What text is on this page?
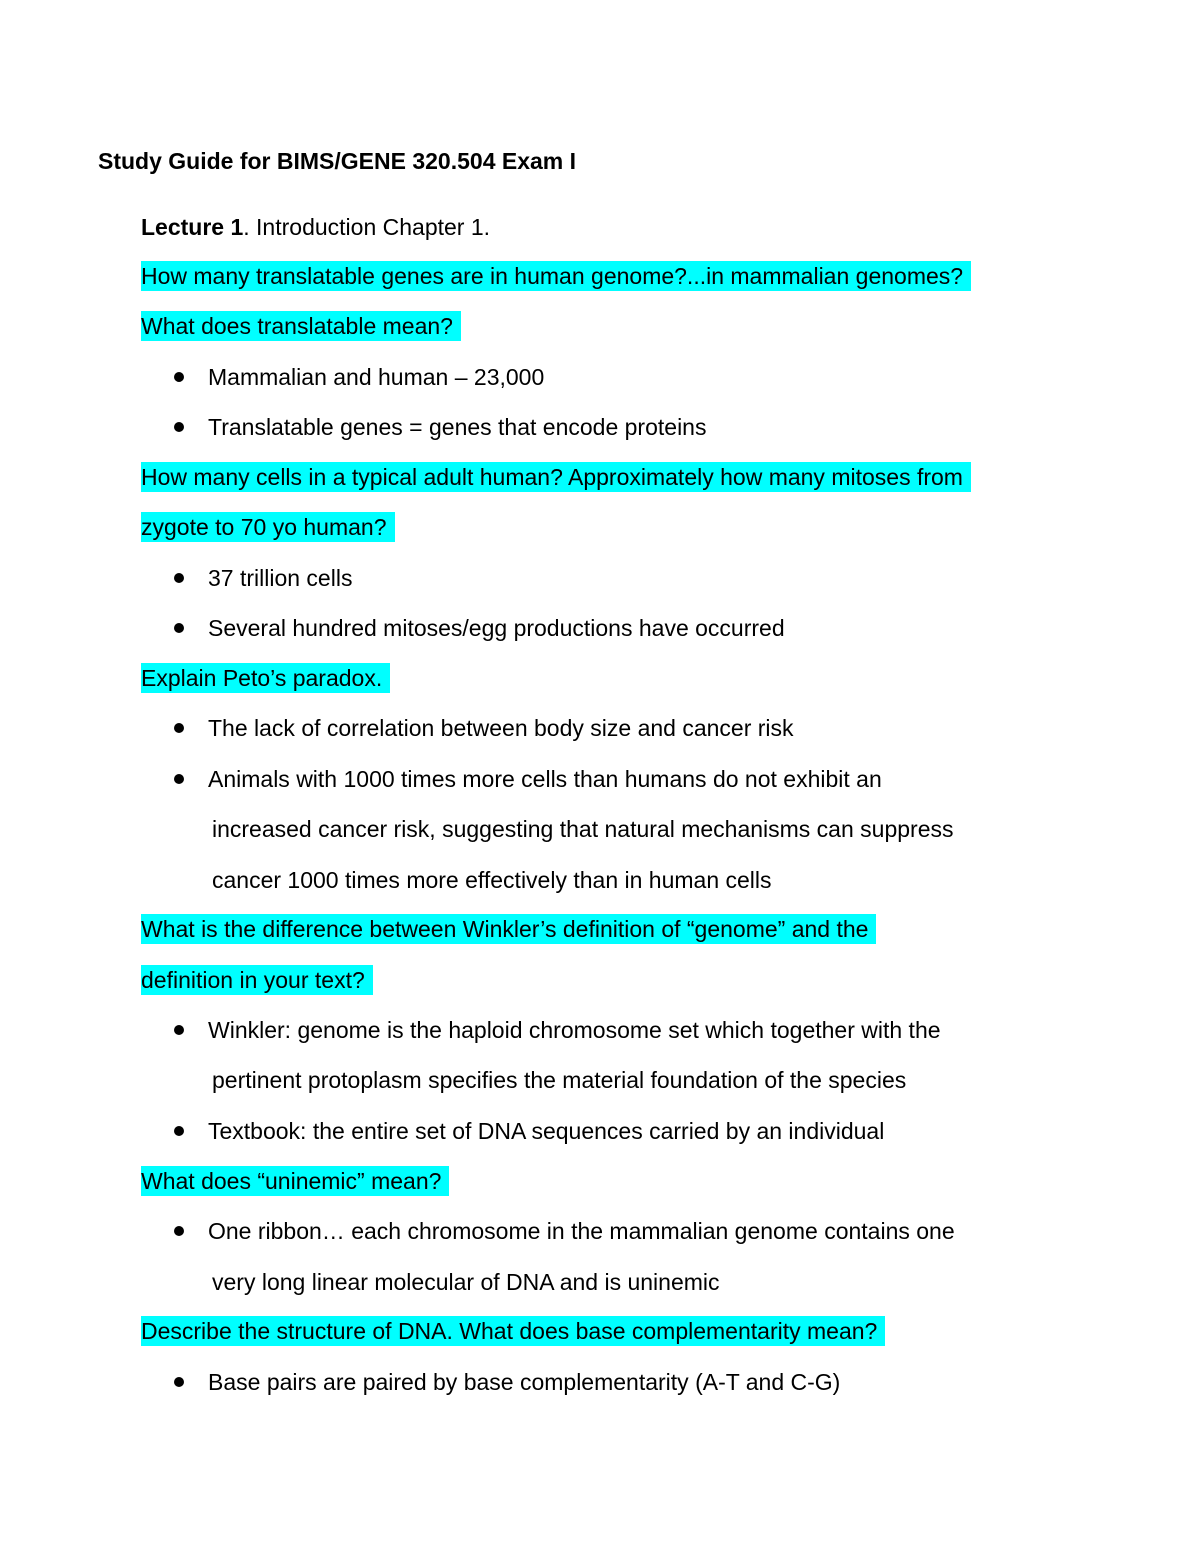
Study Guide for BIMS/GENE 320.504 Exam I
Lecture 1. Introduction Chapter 1.
How many translatable genes are in human genome?...in mammalian genomes?
What does translatable mean?
Mammalian and human – 23,000
Translatable genes = genes that encode proteins
How many cells in a typical adult human? Approximately how many mitoses from
zygote to 70 yo human?
37 trillion cells
Several hundred mitoses/egg productions have occurred
Explain Peto’s paradox.
The lack of correlation between body size and cancer risk
Animals with 1000 times more cells than humans do not exhibit an
increased cancer risk, suggesting that natural mechanisms can suppress
cancer 1000 times more effectively than in human cells
What is the difference between Winkler’s definition of “genome” and the
definition in your text?
Winkler: genome is the haploid chromosome set which together with the
pertinent protoplasm specifies the material foundation of the species
Textbook: the entire set of DNA sequences carried by an individual
What does “uninemic” mean?
One ribbon… each chromosome in the mammalian genome contains one
very long linear molecular of DNA and is uninemic
Describe the structure of DNA. What does base complementarity mean?
Base pairs are paired by base complementarity (A-T and C-G)
